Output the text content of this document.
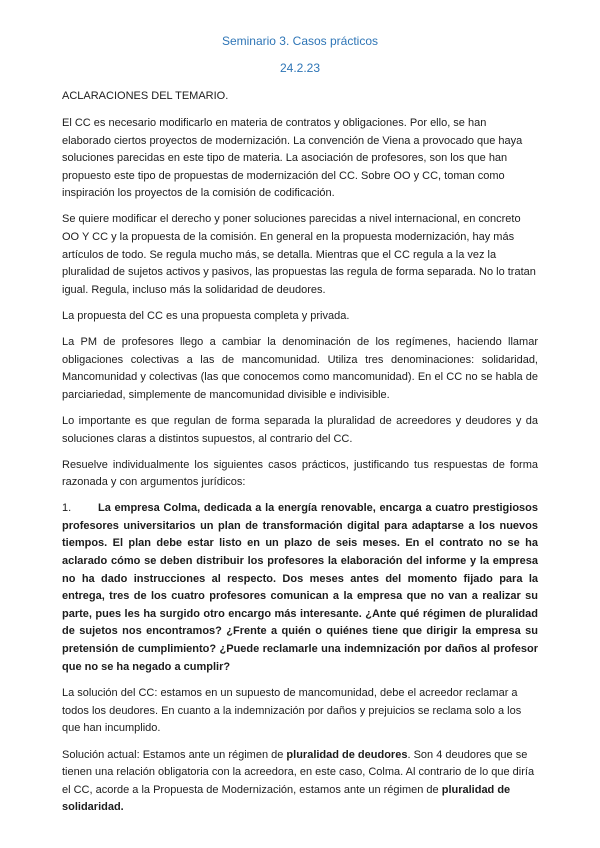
Seminario 3. Casos prácticos
24.2.23
ACLARACIONES DEL TEMARIO.

El CC es necesario modificarlo en materia de contratos y obligaciones. Por ello, se han elaborado ciertos proyectos de modernización. La convención de Viena a provocado que haya soluciones parecidas en este tipo de materia. La asociación de profesores, son los que han propuesto este tipo de propuestas de modernización del CC. Sobre OO y CC, toman como inspiración los proyectos de la comisión de codificación.

Se quiere modificar el derecho y poner soluciones parecidas a nivel internacional, en concreto OO Y CC y la propuesta de la comisión. En general en la propuesta modernización, hay más artículos de todo. Se regula mucho más, se detalla. Mientras que el CC regula a la vez la pluralidad de sujetos activos y pasivos, las propuestas las regula de forma separada. No lo tratan igual. Regula, incluso más la solidaridad de deudores.

La propuesta del CC es una propuesta completa y privada.

La PM de profesores llego a cambiar la denominación de los regímenes, haciendo llamar obligaciones colectivas a las de mancomunidad. Utiliza tres denominaciones: solidaridad, Mancomunidad y colectivas (las que conocemos como mancomunidad). En el CC no se habla de parciariedad, simplemente de mancomunidad divisible e indivisible.

Lo importante es que regulan de forma separada la pluralidad de acreedores y deudores y da soluciones claras a distintos supuestos, al contrario del CC.

Resuelve individualmente los siguientes casos prácticos, justificando tus respuestas de forma razonada y con argumentos jurídicos:

1. La empresa Colma, dedicada a la energía renovable, encarga a cuatro prestigiosos profesores universitarios un plan de transformación digital para adaptarse a los nuevos tiempos. El plan debe estar listo en un plazo de seis meses. En el contrato no se ha aclarado cómo se deben distribuir los profesores la elaboración del informe y la empresa no ha dado instrucciones al respecto. Dos meses antes del momento fijado para la entrega, tres de los cuatro profesores comunican a la empresa que no van a realizar su parte, pues les ha surgido otro encargo más interesante. ¿Ante qué régimen de pluralidad de sujetos nos encontramos? ¿Frente a quién o quiénes tiene que dirigir la empresa su pretensión de cumplimiento? ¿Puede reclamarle una indemnización por daños al profesor que no se ha negado a cumplir?

La solución del CC: estamos en un supuesto de mancomunidad, debe el acreedor reclamar a todos los deudores. En cuanto a la indemnización por daños y prejuicios se reclama solo a los que han incumplido.

Solución actual: Estamos ante un régimen de pluralidad de deudores. Son 4 deudores que se tienen una relación obligatoria con la acreedora, en este caso, Colma. Al contrario de lo que diría el CC, acorde a la Propuesta de Modernización, estamos ante un régimen de pluralidad de solidaridad.
